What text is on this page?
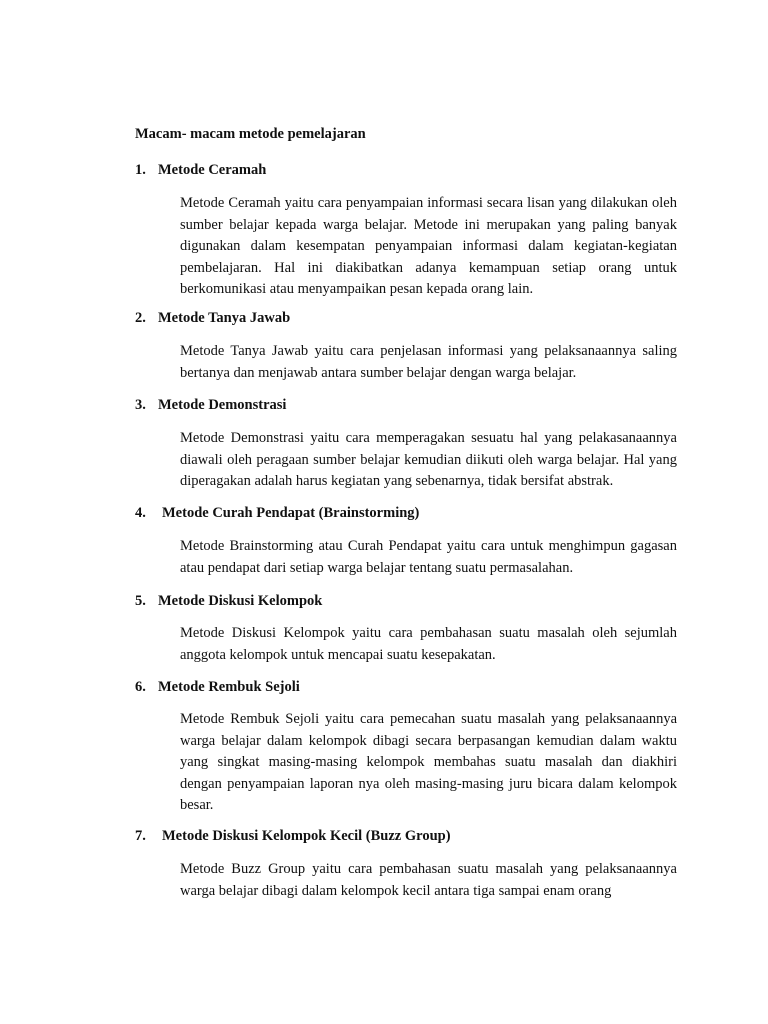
Macam- macam metode pemelajaran

1. Metode Ceramah

Metode Ceramah yaitu cara penyampaian informasi secara lisan yang dilakukan oleh sumber belajar kepada warga belajar. Metode ini merupakan yang paling banyak digunakan dalam kesempatan penyampaian informasi dalam kegiatan-kegiatan pembelajaran. Hal ini diakibatkan adanya kemampuan setiap orang untuk berkomunikasi atau menyampaikan pesan kepada orang lain.

2. Metode Tanya Jawab

Metode Tanya Jawab yaitu cara penjelasan informasi yang pelaksanaannya saling bertanya dan menjawab antara sumber belajar dengan warga belajar.

3. Metode Demonstrasi

Metode Demonstrasi yaitu cara memperagakan sesuatu hal yang pelakasanaannya diawali oleh peragaan sumber belajar kemudian diikuti oleh warga belajar. Hal yang diperagakan adalah harus kegiatan yang sebenarnya, tidak bersifat abstrak.

4. Metode Curah Pendapat (Brainstorming)

Metode Brainstorming atau Curah Pendapat yaitu cara untuk menghimpun gagasan atau pendapat dari setiap warga belajar tentang suatu permasalahan.

5. Metode Diskusi Kelompok

Metode Diskusi Kelompok yaitu cara pembahasan suatu masalah oleh sejumlah anggota kelompok untuk mencapai suatu kesepakatan.

6. Metode Rembuk Sejoli

Metode Rembuk Sejoli yaitu cara pemecahan suatu masalah yang pelaksanaannya warga belajar dalam kelompok dibagi secara berpasangan kemudian dalam waktu yang singkat masing-masing kelompok membahas suatu masalah dan diakhiri dengan penyampaian laporan nya oleh masing-masing juru bicara dalam kelompok besar.

7. Metode Diskusi Kelompok Kecil (Buzz Group)

Metode Buzz Group yaitu cara pembahasan suatu masalah yang pelaksanaannya warga belajar dibagi dalam kelompok kecil antara tiga sampai enam orang
